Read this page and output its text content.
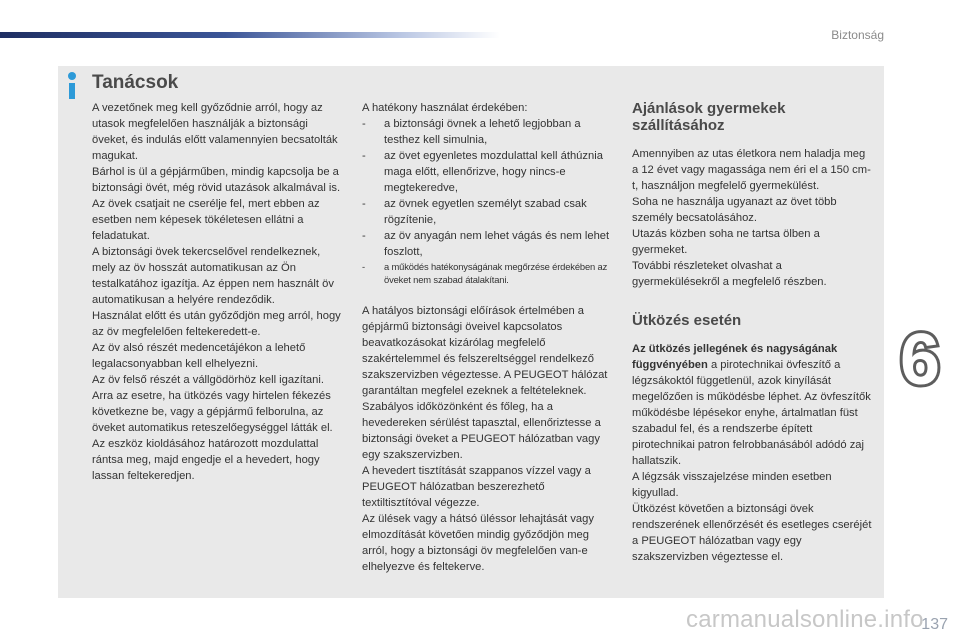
Biztonság
Tanácsok

A vezetőnek meg kell győződnie arról, hogy az utasok megfelelően használják a biztonsági öveket, és indulás előtt valamennyien becsatolták magukat.

Bárhol is ül a gépjárműben, mindig kapcsolja be a biztonsági övét, még rövid utazások alkalmával is.

Az övek csatjait ne cserélje fel, mert ebben az esetben nem képesek tökéletesen ellátni a feladatukat.

A biztonsági övek tekercselővel rendelkeznek, mely az öv hosszát automatikusan az Ön testalkatához igazítja. Az éppen nem használt öv automatikusan a helyére rendeződik.

Használat előtt és után győződjön meg arról, hogy az öv megfelelően feltekeredett-e.

Az öv alsó részét medencetájékon a lehető legalacsonyabban kell elhelyezni.

Az öv felső részét a vállgödörhöz kell igazítani.

Arra az esetre, ha ütközés vagy hirtelen fékezés következne be, vagy a gépjármű felborulna, az öveket automatikus reteszelőegységgel látták el. Az eszköz kioldásához határozott mozdulattal rántsa meg, majd engedje el a hevedert, hogy lassan feltekeredjen.

A hatékony használat érdekében:

- a biztonsági övnek a lehető legjobban a testhez kell simulnia,
- az övet egyenletes mozdulattal kell áthúznia maga előtt, ellenőrizve, hogy nincs-e megtekeredve,
- az övnek egyetlen személyt szabad csak rögzítenie,
- az öv anyagán nem lehet vágás és nem lehet foszlott,
- a működés hatékonyságának megőrzése érdekében az öveket nem szabad átalakítani.

A hatályos biztonsági előírások értelmében a gépjármű biztonsági öveivel kapcsolatos beavatkozásokat kizárólag megfelelő szakértelemmel és felszereltséggel rendelkező szakszervizben végeztesse. A PEUGEOT hálózat garantáltan megfelel ezeknek a feltételeknek.

Szabályos időközönként és főleg, ha a hevedereken sérülést tapasztal, ellenőriztesse a biztonsági öveket a PEUGEOT hálózatban vagy egy szakszervizben.

A hevedert tisztítását szappanos vízzel vagy a PEUGEOT hálózatban beszerezhető textiltisztítóval végezze.

Az ülések vagy a hátsó üléssor lehajtását vagy elmozdítását követően mindig győződjön meg arról, hogy a biztonsági öv megfelelően van-e elhelyezve és feltekerve.

Ajánlások gyermekek szállításához

Amennyiben az utas életkora nem haladja meg a 12 évet vagy magassága nem éri el a 150 cm-t, használjon megfelelő gyermekülést.

Soha ne használja ugyanazt az övet több személy becsatolásához.

Utazás közben soha ne tartsa ölben a gyermeket.

További részleteket olvashat a gyermekülésekről a megfelelő részben.

Ütközés esetén

Az ütközés jellegének és nagyságának függvényében a pirotechnikai övfeszítő a légzsákoktól függetlenül, azok kinyílását megelőzően is működésbe léphet. Az övfeszítők működésbe lépésekor enyhe, ártalmatlan füst szabadul fel, és a rendszerbe épített pirotechnikai patron felrobbanásából adódó zaj hallatszik.

A légzsák visszajelzése minden esetben kigyullad.

Ütközést követően a biztonsági övek rendszerének ellenőrzését és esetleges cseréjét a PEUGEOT hálózatban vagy egy szakszervizben végeztesse el.

6
137
carmanualsonline.info
